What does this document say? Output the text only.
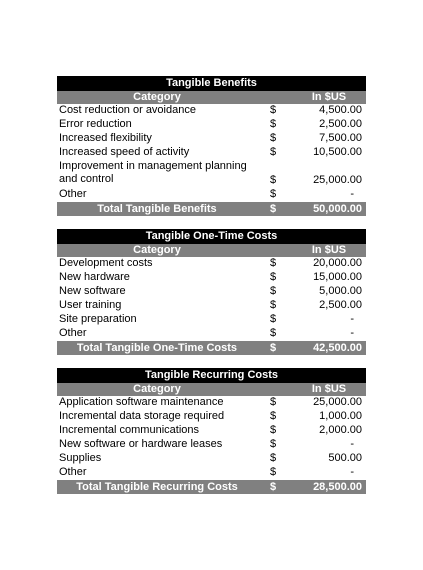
Tangible Benefits
Category	In $US
Cost reduction or avoidance	$	4,500.00
Error reduction	$	2,500.00
Increased flexibility	$	7,500.00
Increased speed of activity	$	10,500.00
Improvement in management planning and control	$	25,000.00
Other	$	-
Total Tangible Benefits	$	50,000.00
Tangible One-Time Costs
Category	In $US
Development costs	$	20,000.00
New hardware	$	15,000.00
New software	$	5,000.00
User training	$	2,500.00
Site preparation	$	-
Other	$	-
Total Tangible One-Time Costs	$	42,500.00
Tangible Recurring Costs
Category	In $US
Application software maintenance	$	25,000.00
Incremental data storage required	$	1,000.00
Incremental communications	$	2,000.00
New software or hardware leases	$	-
Supplies	$	500.00
Other	$	-
Total Tangible Recurring Costs	$	28,500.00
